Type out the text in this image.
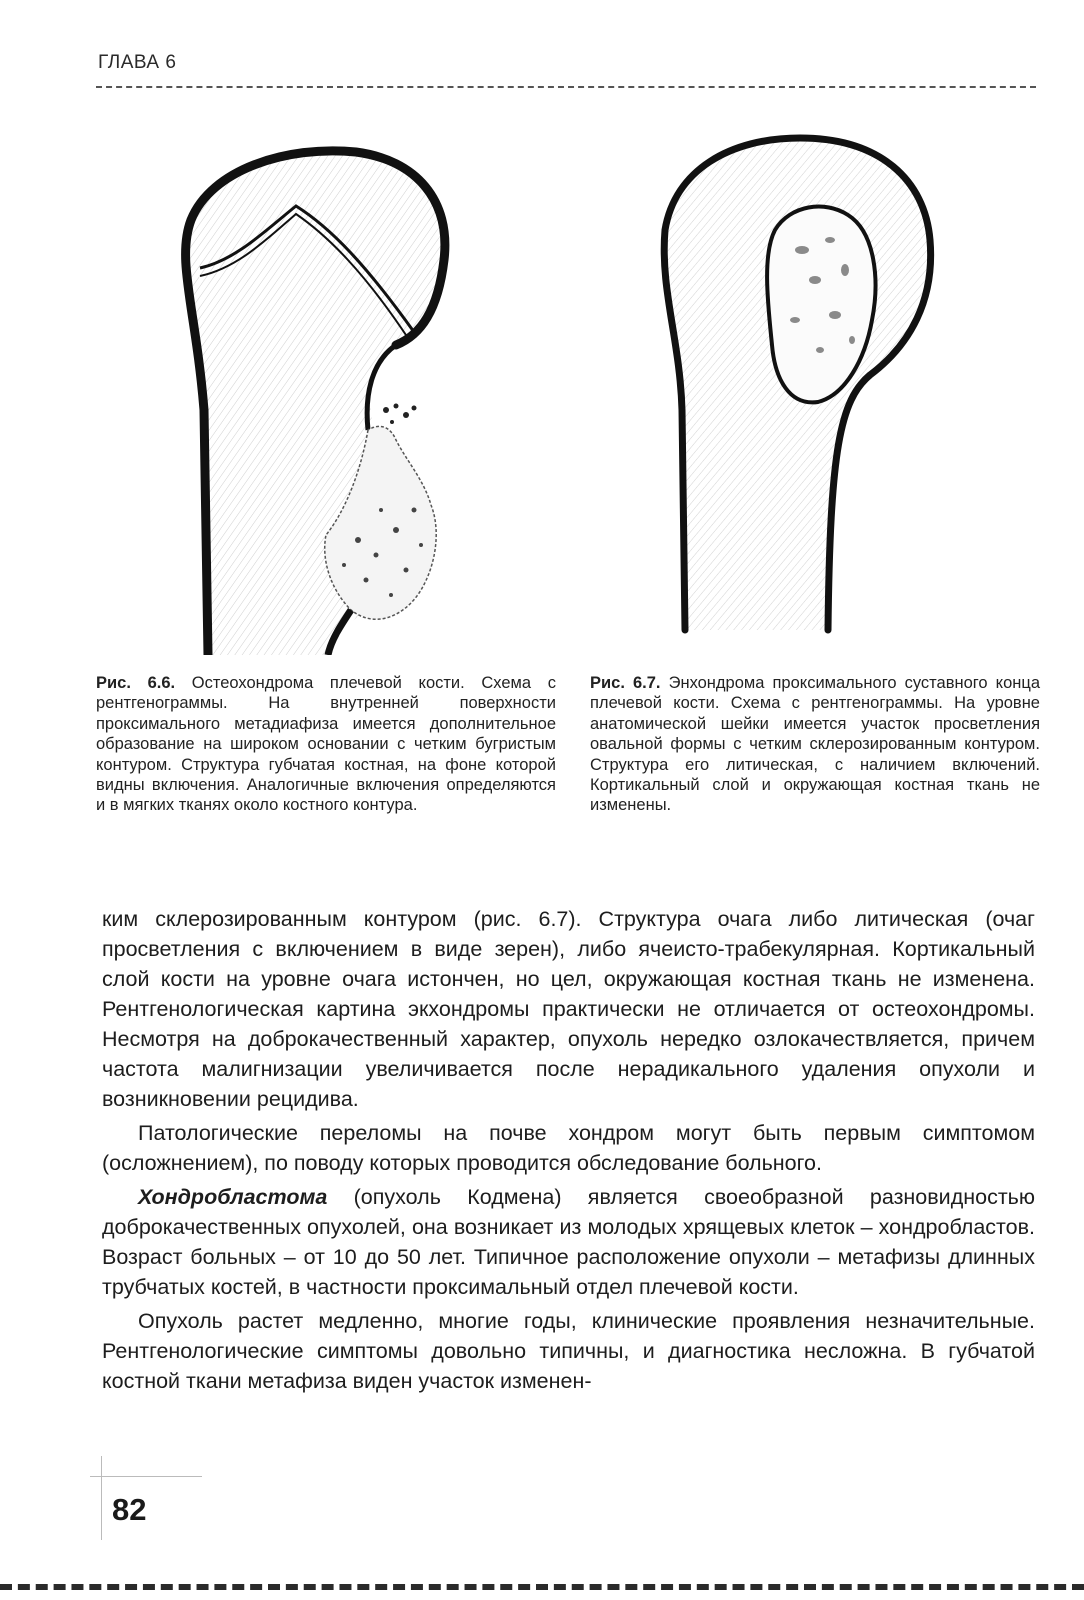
ГЛАВА 6
Рис. 6.6. Остеохондрома плечевой кости. Схема с рентгенограммы. На внутренней поверхности проксимального метадиафиза имеется дополнительное образование на широком основании с четким бугристым контуром. Структура губчатая костная, на фоне которой видны включения. Аналогичные включения определяются и в мягких тканях около костного контура.
Рис. 6.7. Энхондрома проксимального суставного конца плечевой кости. Схема с рентгенограммы. На уровне анатомической шейки имеется участок просветления овальной формы с четким склерозированным контуром. Структура его литическая, с наличием включений. Кортикальный слой и окружающая костная ткань не изменены.

ким склерозированным контуром (рис. 6.7). Структура очага либо литическая (очаг просветления с включением в виде зерен), либо ячеисто-трабекулярная. Кортикальный слой кости на уровне очага истончен, но цел, окружающая костная ткань не изменена. Рентгенологическая картина экхондромы практически не отличается от остеохондромы. Несмотря на доброкачественный характер, опухоль нередко озлокачествляется, причем частота малигнизации увеличивается после нерадикального удаления опухоли и возникновении рецидива.

Патологические переломы на почве хондром могут быть первым симптомом (осложнением), по поводу которых проводится обследование больного.

Хондробластома (опухоль Кодмена) является своеобразной разновидностью доброкачественных опухолей, она возникает из молодых хрящевых клеток – хондробластов. Возраст больных – от 10 до 50 лет. Типичное расположение опухоли – метафизы длинных трубчатых костей, в частности проксимальный отдел плечевой кости.

Опухоль растет медленно, многие годы, клинические проявления незначительные. Рентгенологические симптомы довольно типичны, и диагностика несложна. В губчатой костной ткани метафиза виден участок изменен-

82
